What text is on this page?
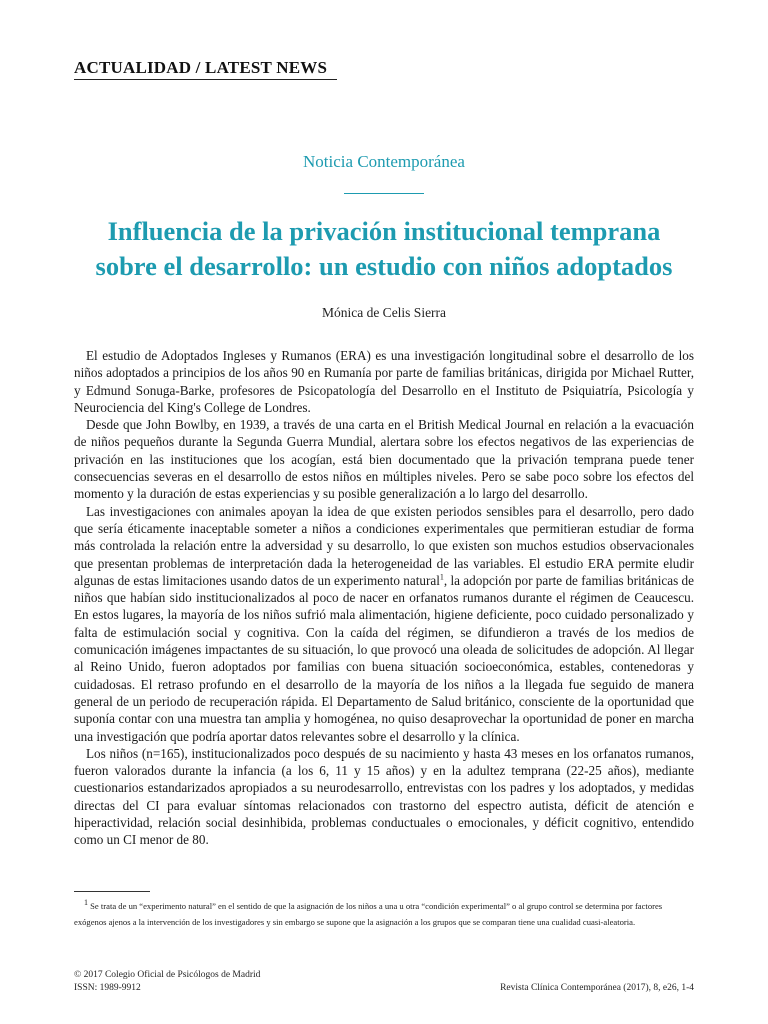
ACTUALIDAD / LATEST NEWS
Noticia Contemporánea
Influencia de la privación institucional temprana
sobre el desarrollo: un estudio con niños adoptados
Mónica de Celis Sierra

El estudio de Adoptados Ingleses y Rumanos (ERA) es una investigación longitudinal sobre el desarrollo de los niños adoptados a principios de los años 90 en Rumanía por parte de familias británicas, dirigida por Michael Rutter, y Edmund Sonuga-Barke, profesores de Psicopatología del Desarrollo en el Instituto de Psiquiatría, Psicología y Neurociencia del King's College de Londres.

Desde que John Bowlby, en 1939, a través de una carta en el British Medical Journal en relación a la evacuación de niños pequeños durante la Segunda Guerra Mundial, alertara sobre los efectos negativos de las experiencias de privación en las instituciones que los acogían, está bien documentado que la privación temprana puede tener consecuencias severas en el desarrollo de estos niños en múltiples niveles. Pero se sabe poco sobre los efectos del momento y la duración de estas experiencias y su posible generalización a lo largo del desarrollo.

Las investigaciones con animales apoyan la idea de que existen periodos sensibles para el desarrollo, pero dado que sería éticamente inaceptable someter a niños a condiciones experimentales que permitieran estudiar de forma más controlada la relación entre la adversidad y su desarrollo, lo que existen son muchos estudios observacionales que presentan problemas de interpretación dada la heterogeneidad de las variables. El estudio ERA permite eludir algunas de estas limitaciones usando datos de un experimento natural$^1$, la adopción por parte de familias británicas de niños que habían sido institucionalizados al poco de nacer en orfanatos rumanos durante el régimen de Ceaucescu. En estos lugares, la mayoría de los niños sufrió mala alimentación, higiene deficiente, poco cuidado personalizado y falta de estimulación social y cognitiva. Con la caída del régimen, se difundieron a través de los medios de comunicación imágenes impactantes de su situación, lo que provocó una oleada de solicitudes de adopción. Al llegar al Reino Unido, fueron adoptados por familias con buena situación socioeconómica, estables, contenedoras y cuidadosas. El retraso profundo en el desarrollo de la mayoría de los niños a la llegada fue seguido de manera general de un periodo de recuperación rápida. El Departamento de Salud británico, consciente de la oportunidad que suponía contar con una muestra tan amplia y homogénea, no quiso desaprovechar la oportunidad de poner en marcha una investigación que podría aportar datos relevantes sobre el desarrollo y la clínica.

Los niños (n=165), institucionalizados poco después de su nacimiento y hasta 43 meses en los orfanatos rumanos, fueron valorados durante la infancia (a los 6, 11 y 15 años) y en la adultez temprana (22-25 años), mediante cuestionarios estandarizados apropiados a su neurodesarrollo, entrevistas con los padres y los adoptados, y medidas directas del CI para evaluar síntomas relacionados con trastorno del espectro autista, déficit de atención e hiperactividad, relación social desinhibida, problemas conductuales o emocionales, y déficit cognitivo, entendido como un CI menor de 80.

$^1$ Se trata de un “experimento natural” en el sentido de que la asignación de los niños a una u otra “condición experimental” o al grupo control se determina por factores exógenos ajenos a la intervención de los investigadores y sin embargo se supone que la asignación a los grupos que se comparan tiene una cualidad cuasi-aleatoria.

© 2017 Colegio Oficial de Psicólogos de Madrid
ISSN: 1989-9912	Revista Clínica Contemporánea (2017), 8, e26, 1-4
